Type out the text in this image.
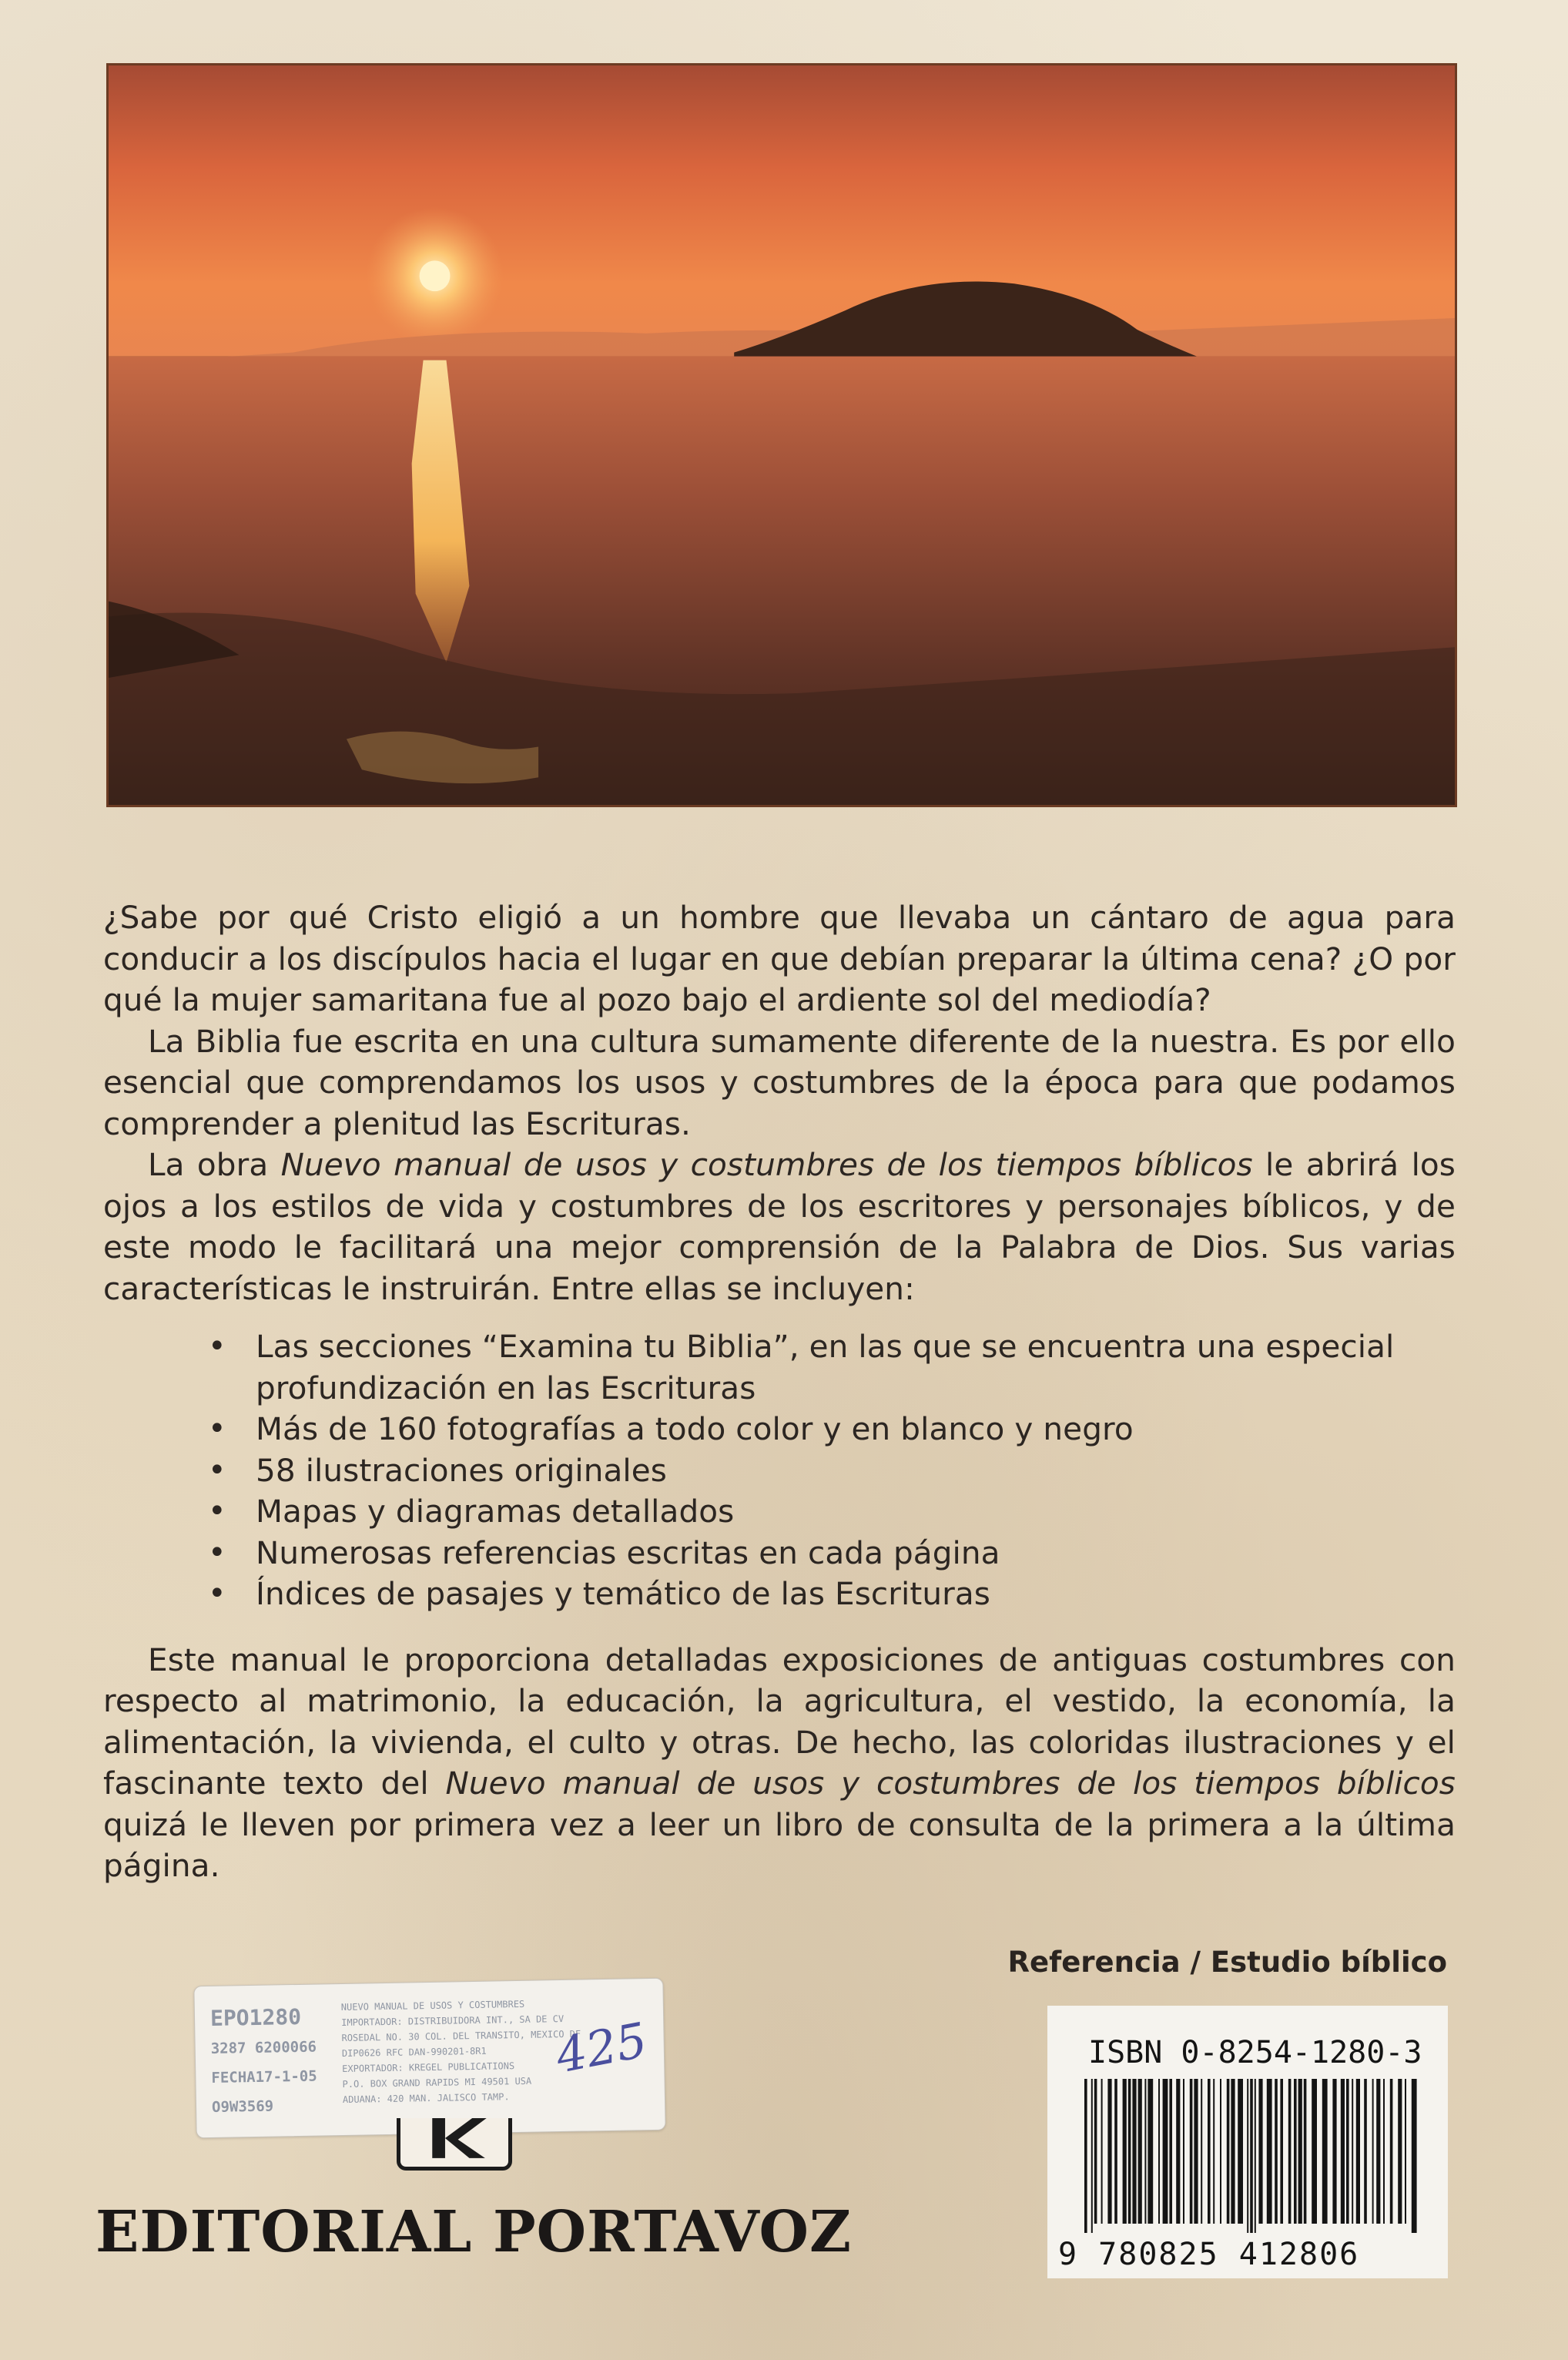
¿Sabe por qué Cristo eligió a un hombre que llevaba un cántaro de agua para conducir a los discípulos hacia el lugar en que debían preparar la última cena? ¿O por qué la mujer samaritana fue al pozo bajo el ardiente sol del mediodía?

La Biblia fue escrita en una cultura sumamente diferente de la nuestra. Es por ello esencial que comprendamos los usos y costumbres de la época para que podamos comprender a plenitud las Escrituras.

La obra Nuevo manual de usos y costumbres de los tiempos bíblicos le abrirá los ojos a los estilos de vida y costumbres de los escritores y personajes bíblicos, y de este modo le facilitará una mejor comprensión de la Palabra de Dios. Sus varias características le instruirán. Entre ellas se incluyen:

• Las secciones “Examina tu Biblia”, en las que se encuentra una especial profundización en las Escrituras
• Más de 160 fotografías a todo color y en blanco y negro
• 58 ilustraciones originales
• Mapas y diagramas detallados
• Numerosas referencias escritas en cada página
• Índices de pasajes y temático de las Escrituras

Este manual le proporciona detalladas exposiciones de antiguas costumbres con respecto al matrimonio, la educación, la agricultura, el vestido, la economía, la alimentación, la vivienda, el culto y otras. De hecho, las coloridas ilustraciones y el fascinante texto del Nuevo manual de usos y costumbres de los tiempos bíblicos quizá le lleven por primera vez a leer un libro de consulta de la primera a la última página.

Referencia / Estudio bíblico
EPO1280
3287 6200066
FECHA17-1-05
O9W3569
NUEVO MANUAL DE USOS Y COSTUMBRES
IMPORTADOR: DISTRIBUIDORA INT., SA DE CV
ROSEDAL NO. 30 COL. DEL TRANSITO, MEXICO DF
DIP0626 RFC DAN-990201-8R1
EXPORTADOR: KREGEL PUBLICATIONS
P.O. BOX GRAND RAPIDS MI 49501 USA
ADUANA: 420 MAN. JALISCO TAMP.
425
EDITORIAL PORTAVOZ
ISBN 0-8254-1280-3
9 780825 412806
